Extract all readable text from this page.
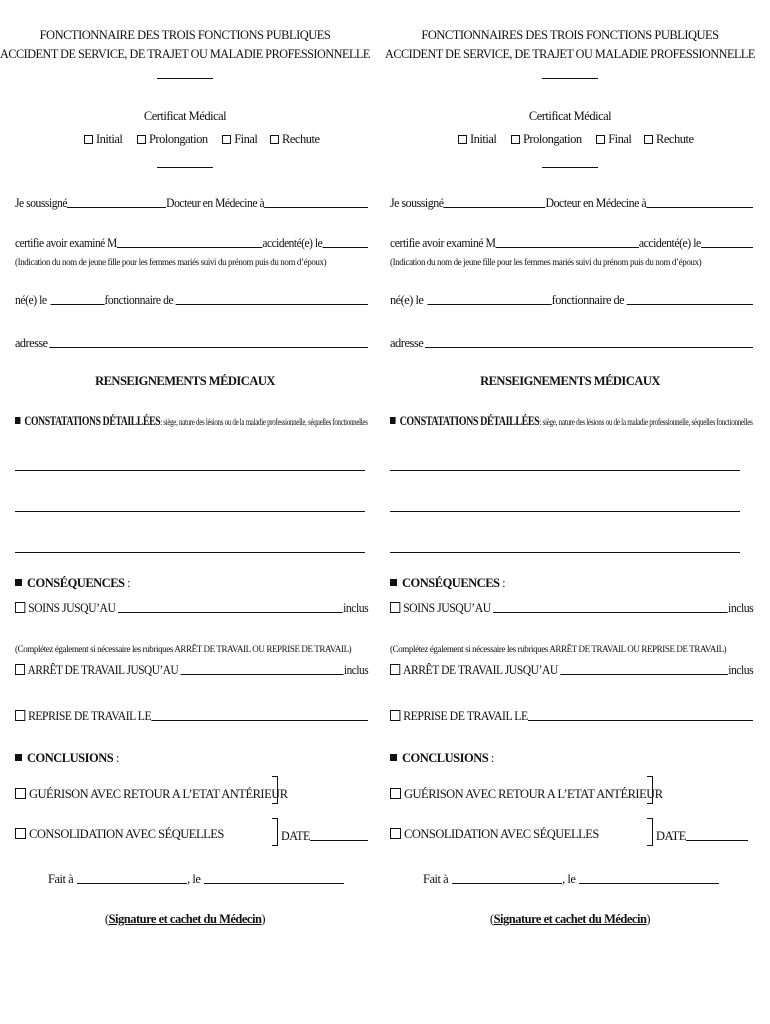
FONCTIONNAIRE DES TROIS FONCTIONS PUBLIQUES
ACCIDENT DE SERVICE, DE TRAJET OU MALADIE PROFESSIONNELLE
Certificat Médical
Initial Prolongation Final Rechute
Je soussigné	Docteur en Médecine à
certifie avoir examiné M	accidenté(e) le
(Indication du nom de jeune fille pour les femmes mariés suivi du prénom puis du nom d’époux)
né(e) le	fonctionnaire de
adresse
RENSEIGNEMENTS MÉDICAUX
CONSTATATIONS DÉTAILLÉES: siège, nature des lésions ou de la maladie professionnelle, séquelles fonctionnelles
CONSÉQUENCES :
SOINS JUSQU’AU	inclus
(Complétez également si nécessaire les rubriques ARRÊT DE TRAVAIL OU REPRISE DE TRAVAIL)
ARRÊT DE TRAVAIL JUSQU’AU	inclus
REPRISE DE TRAVAIL LE
CONCLUSIONS :
GUÉRISON AVEC RETOUR A L’ETAT ANTÉRIEUR
CONSOLIDATION AVEC SÉQUELLES	DATE
Fait à	, le
(Signature et cachet du Médecin)
FONCTIONNAIRES DES TROIS FONCTIONS PUBLIQUES
ACCIDENT DE SERVICE, DE TRAJET OU MALADIE PROFESSIONNELLE
Certificat Médical
Initial Prolongation Final Rechute
Je soussigné	Docteur en Médecine à
certifie avoir examiné M	accidenté(e) le
(Indication du nom de jeune fille pour les femmes mariés suivi du prénom puis du nom d’époux)
né(e) le	fonctionnaire de
adresse
RENSEIGNEMENTS MÉDICAUX
CONSTATATIONS DÉTAILLÉES: siège, nature des lésions ou de la maladie professionnelle, séquelles fonctionnelles
CONSÉQUENCES :
SOINS JUSQU’AU	inclus
(Complétez également si nécessaire les rubriques ARRÊT DE TRAVAIL OU REPRISE DE TRAVAIL)
ARRÊT DE TRAVAIL JUSQU’AU	inclus
REPRISE DE TRAVAIL LE
CONCLUSIONS :
GUÉRISON AVEC RETOUR A L’ETAT ANTÉRIEUR
CONSOLIDATION AVEC SÉQUELLES	DATE
Fait à	, le
(Signature et cachet du Médecin)
